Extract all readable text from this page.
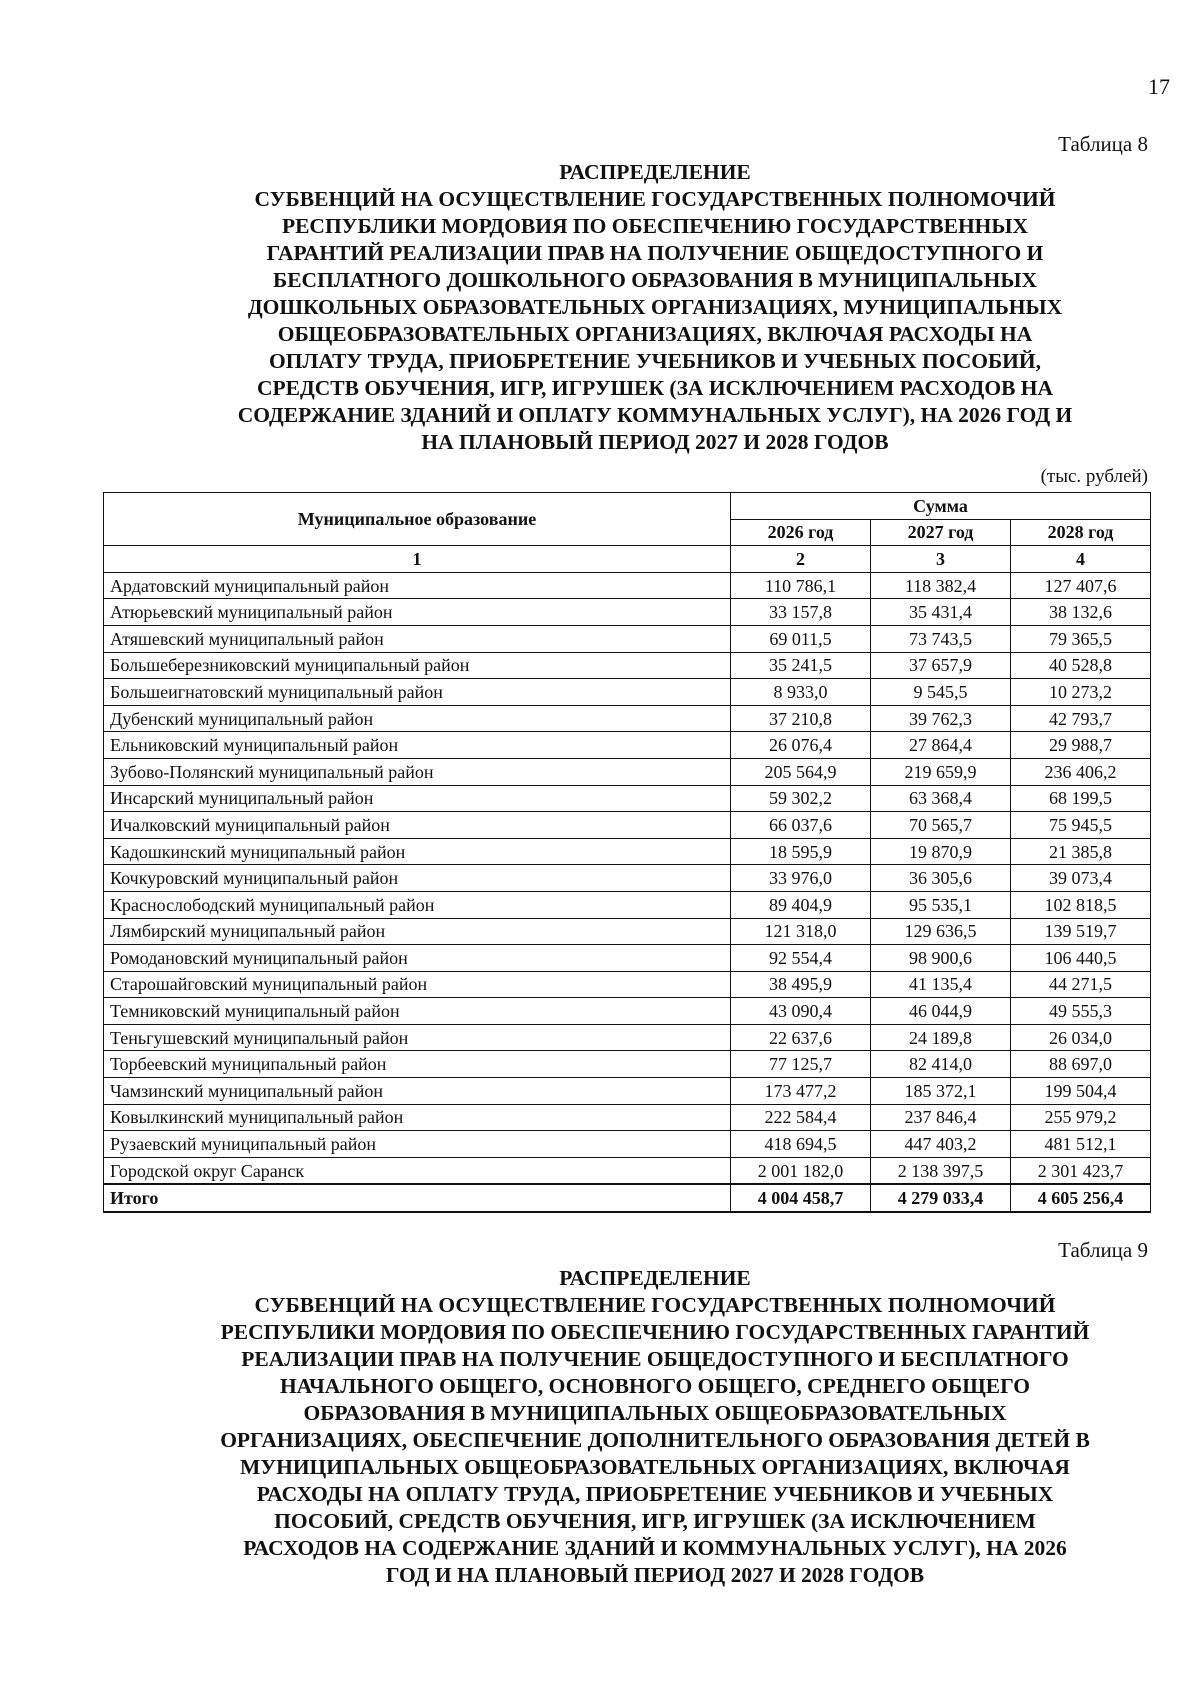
17
Таблица 8
РАСПРЕДЕЛЕНИЕ
СУБВЕНЦИЙ НА ОСУЩЕСТВЛЕНИЕ ГОСУДАРСТВЕННЫХ ПОЛНОМОЧИЙ
РЕСПУБЛИКИ МОРДОВИЯ ПО ОБЕСПЕЧЕНИЮ ГОСУДАРСТВЕННЫХ
ГАРАНТИЙ РЕАЛИЗАЦИИ ПРАВ НА ПОЛУЧЕНИЕ ОБЩЕДОСТУПНОГО И
БЕСПЛАТНОГО ДОШКОЛЬНОГО ОБРАЗОВАНИЯ В МУНИЦИПАЛЬНЫХ
ДОШКОЛЬНЫХ ОБРАЗОВАТЕЛЬНЫХ ОРГАНИЗАЦИЯХ, МУНИЦИПАЛЬНЫХ
ОБЩЕОБРАЗОВАТЕЛЬНЫХ ОРГАНИЗАЦИЯХ, ВКЛЮЧАЯ РАСХОДЫ НА
ОПЛАТУ ТРУДА, ПРИОБРЕТЕНИЕ УЧЕБНИКОВ И УЧЕБНЫХ ПОСОБИЙ,
СРЕДСТВ ОБУЧЕНИЯ, ИГР, ИГРУШЕК (ЗА ИСКЛЮЧЕНИЕМ РАСХОДОВ НА
СОДЕРЖАНИЕ ЗДАНИЙ И ОПЛАТУ КОММУНАЛЬНЫХ УСЛУГ), НА 2026 ГОД И
НА ПЛАНОВЫЙ ПЕРИОД 2027 И 2028 ГОДОВ
(тыс. рублей)
Муниципальное образование	Сумма		
	2026 год	2027 год	2028 год
1	2	3	4
Ардатовский муниципальный район	110 786,1	118 382,4	127 407,6
Атюрьевский муниципальный район	33 157,8	35 431,4	38 132,6
Атяшевский муниципальный район	69 011,5	73 743,5	79 365,5
Большеберезниковский муниципальный район	35 241,5	37 657,9	40 528,8
Большеигнатовский муниципальный район	8 933,0	9 545,5	10 273,2
Дубенский муниципальный район	37 210,8	39 762,3	42 793,7
Ельниковский муниципальный район	26 076,4	27 864,4	29 988,7
Зубово-Полянский муниципальный район	205 564,9	219 659,9	236 406,2
Инсарский муниципальный район	59 302,2	63 368,4	68 199,5
Ичалковский муниципальный район	66 037,6	70 565,7	75 945,5
Кадошкинский муниципальный район	18 595,9	19 870,9	21 385,8
Кочкуровский муниципальный район	33 976,0	36 305,6	39 073,4
Краснослободский муниципальный район	89 404,9	95 535,1	102 818,5
Лямбирский муниципальный район	121 318,0	129 636,5	139 519,7
Ромодановский муниципальный район	92 554,4	98 900,6	106 440,5
Старошайговский муниципальный район	38 495,9	41 135,4	44 271,5
Темниковский муниципальный район	43 090,4	46 044,9	49 555,3
Теньгушевский муниципальный район	22 637,6	24 189,8	26 034,0
Торбеевский муниципальный район	77 125,7	82 414,0	88 697,0
Чамзинский муниципальный район	173 477,2	185 372,1	199 504,4
Ковылкинский муниципальный район	222 584,4	237 846,4	255 979,2
Рузаевский муниципальный район	418 694,5	447 403,2	481 512,1
Городской округ Саранск	2 001 182,0	2 138 397,5	2 301 423,7
Итого	4 004 458,7	4 279 033,4	4 605 256,4
Таблица 9
РАСПРЕДЕЛЕНИЕ
СУБВЕНЦИЙ НА ОСУЩЕСТВЛЕНИЕ ГОСУДАРСТВЕННЫХ ПОЛНОМОЧИЙ
РЕСПУБЛИКИ МОРДОВИЯ ПО ОБЕСПЕЧЕНИЮ ГОСУДАРСТВЕННЫХ ГАРАНТИЙ
РЕАЛИЗАЦИИ ПРАВ НА ПОЛУЧЕНИЕ ОБЩЕДОСТУПНОГО И БЕСПЛАТНОГО
НАЧАЛЬНОГО ОБЩЕГО, ОСНОВНОГО ОБЩЕГО, СРЕДНЕГО ОБЩЕГО
ОБРАЗОВАНИЯ В МУНИЦИПАЛЬНЫХ ОБЩЕОБРАЗОВАТЕЛЬНЫХ
ОРГАНИЗАЦИЯХ, ОБЕСПЕЧЕНИЕ ДОПОЛНИТЕЛЬНОГО ОБРАЗОВАНИЯ ДЕТЕЙ В
МУНИЦИПАЛЬНЫХ ОБЩЕОБРАЗОВАТЕЛЬНЫХ ОРГАНИЗАЦИЯХ, ВКЛЮЧАЯ
РАСХОДЫ НА ОПЛАТУ ТРУДА, ПРИОБРЕТЕНИЕ УЧЕБНИКОВ И УЧЕБНЫХ
ПОСОБИЙ, СРЕДСТВ ОБУЧЕНИЯ, ИГР, ИГРУШЕК (ЗА ИСКЛЮЧЕНИЕМ
РАСХОДОВ НА СОДЕРЖАНИЕ ЗДАНИЙ И КОММУНАЛЬНЫХ УСЛУГ), НА 2026
ГОД И НА ПЛАНОВЫЙ ПЕРИОД 2027 И 2028 ГОДОВ
